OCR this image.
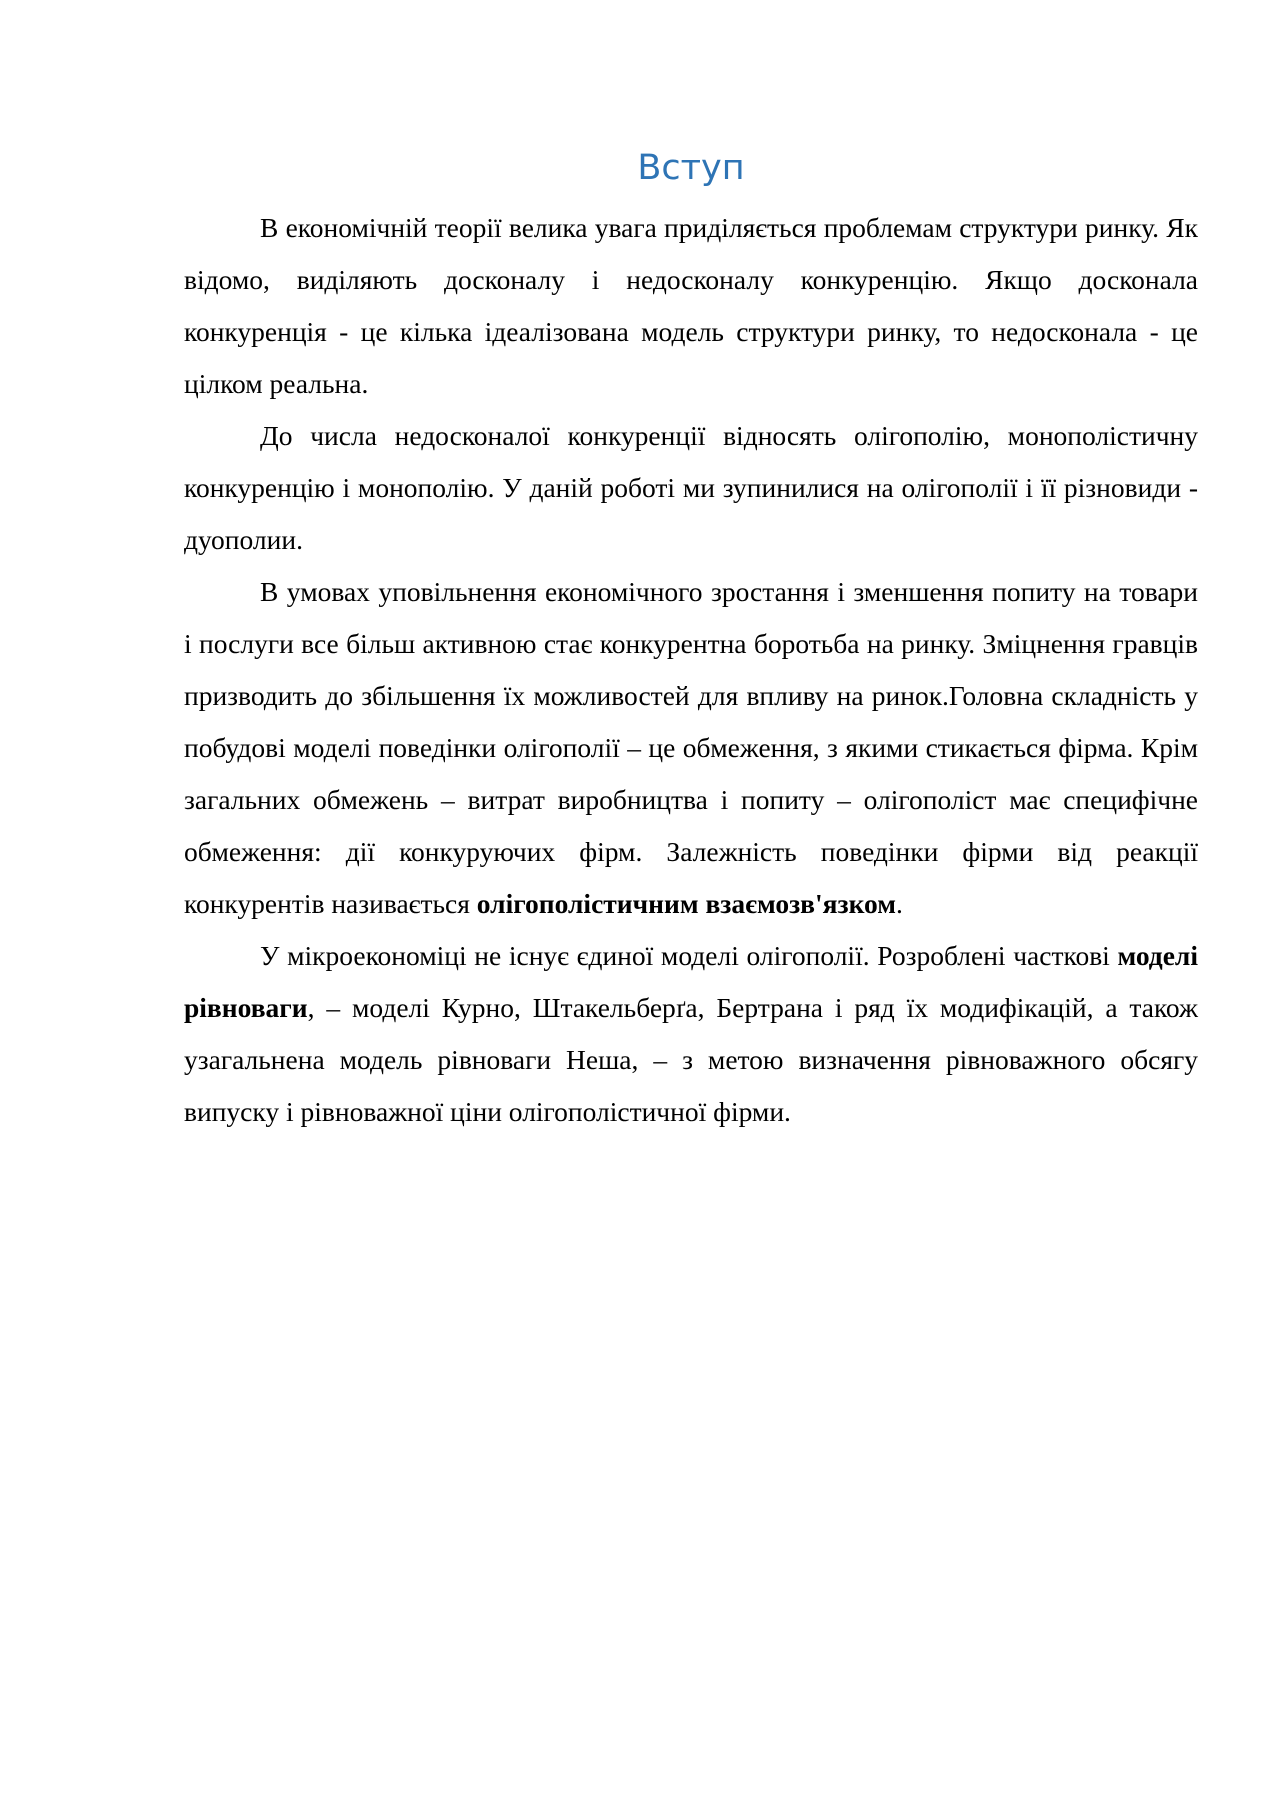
Вступ

В економічній теорії велика увага приділяється проблемам структури ринку. Як відомо, виділяють досконалу і недосконалу конкуренцію. Якщо досконала конкуренція - це кілька ідеалізована модель структури ринку, то недосконала - це цілком реальна.

До числа недосконалої конкуренції відносять олігополію, монополістичну конкуренцію і монополію. У даній роботі ми зупинилися на олігополії і її різновиди - дуополии.

В умовах уповільнення економічного зростання і зменшення попиту на товари і послуги все більш активною стає конкурентна боротьба на ринку. Зміцнення гравців призводить до збільшення їх можливостей для впливу на ринок.Головна складність у побудові моделі поведінки олігополії – це обмеження, з якими стикається фірма. Крім загальних обмежень – витрат виробництва і попиту – олігополіст має специфічне обмеження: дії конкуруючих фірм. Залежність поведінки фірми від реакції конкурентів називається олігополістичним взаємозв'язком.

У мікроекономіці не існує єдиної моделі олігополії. Розроблені часткові моделі рівноваги, – моделі Курно, Штакельберґа, Бертрана і ряд їх модифікацій, а також узагальнена модель рівноваги Неша, – з метою визначення рівноважного обсягу випуску і рівноважної ціни олігополістичної фірми.
